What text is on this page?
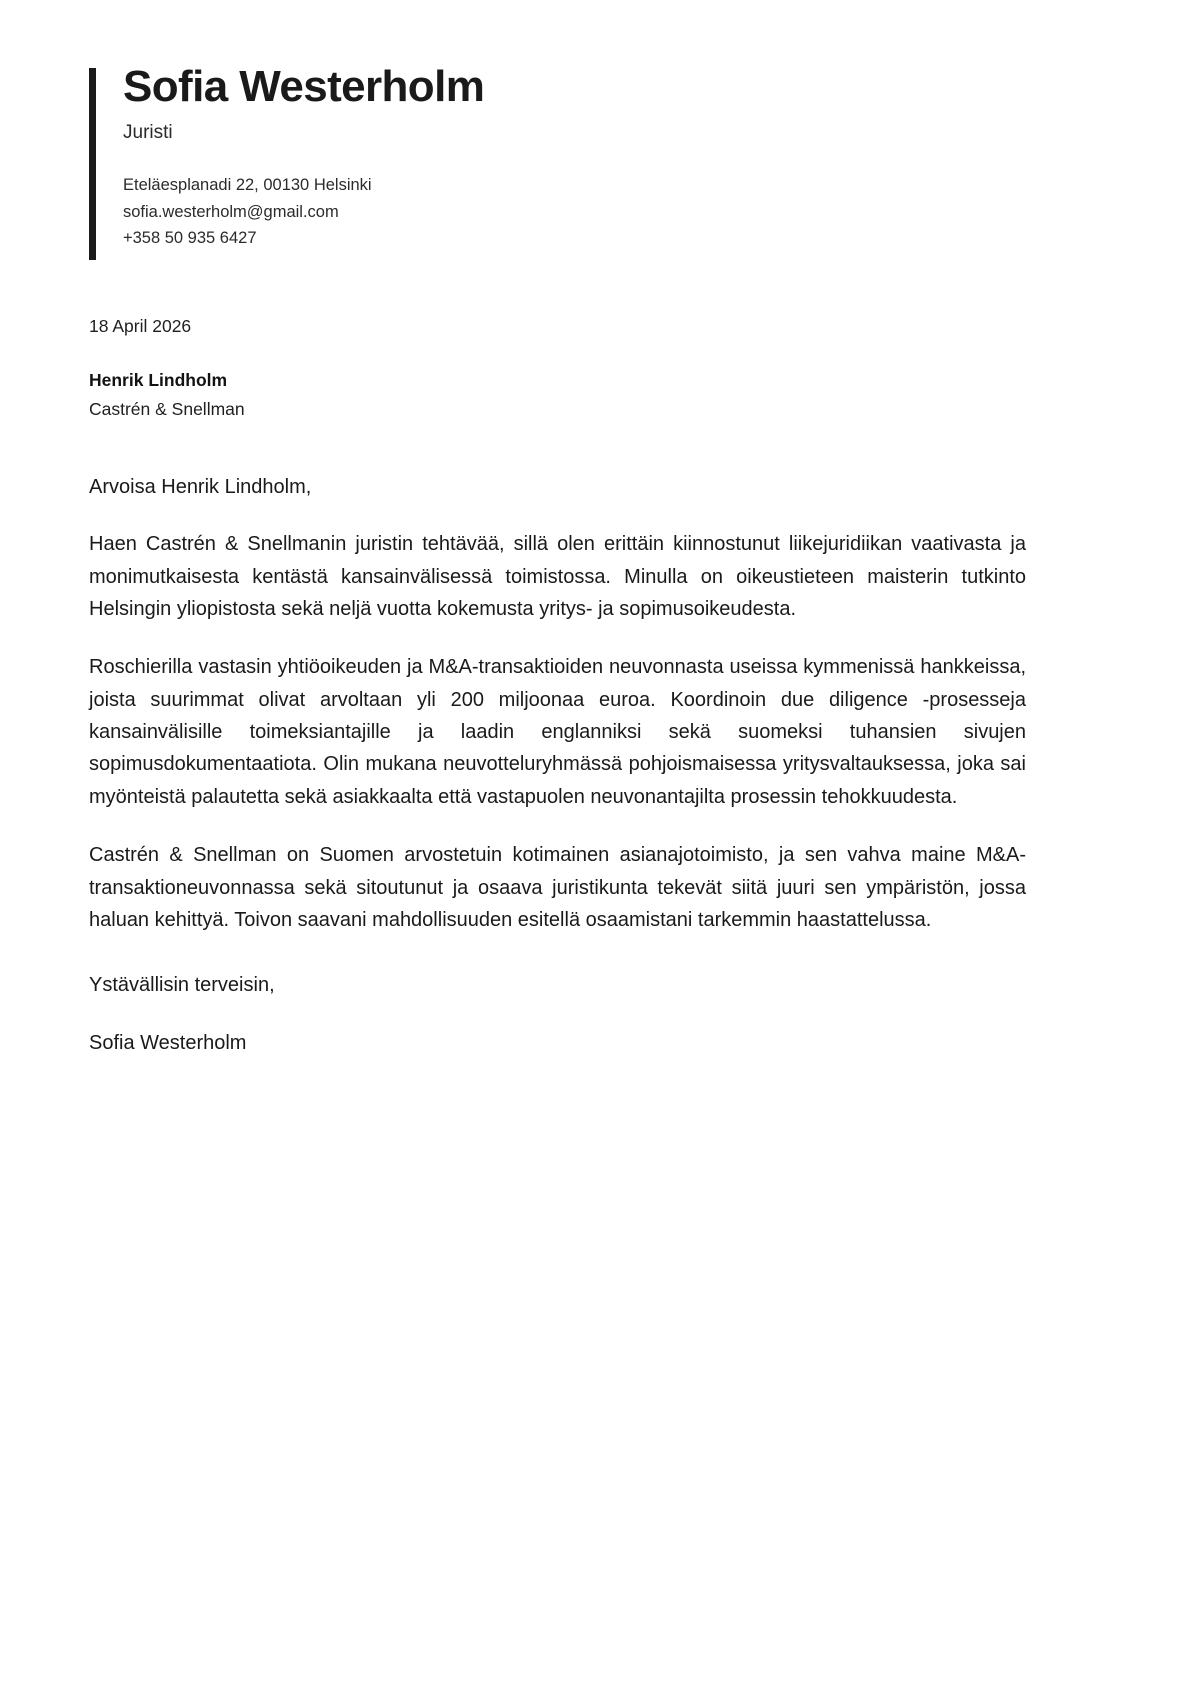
Sofia Westerholm
Juristi
Eteläesplanadi 22, 00130 Helsinki
sofia.westerholm@gmail.com
+358 50 935 6427
18 April 2026
Henrik Lindholm
Castrén & Snellman
Arvoisa Henrik Lindholm,

Haen Castrén & Snellmanin juristin tehtävää, sillä olen erittäin kiinnostunut liikejuridiikan vaativasta ja monimutkaisesta kentästä kansainvälisessä toimistossa. Minulla on oikeustieteen maisterin tutkinto Helsingin yliopistosta sekä neljä vuotta kokemusta yritys- ja sopimusoikeudesta.

Roschierilla vastasin yhtiöoikeuden ja M&A-transaktioiden neuvonnasta useissa kymmenissä hankkeissa, joista suurimmat olivat arvoltaan yli 200 miljoonaa euroa. Koordinoin due diligence -prosesseja kansainvälisille toimeksiantajille ja laadin englanniksi sekä suomeksi tuhansien sivujen sopimusdokumentaatiota. Olin mukana neuvotteluryhmässä pohjoismaisessa yritysvaltauksessa, joka sai myönteistä palautetta sekä asiakkaalta että vastapuolen neuvonantajilta prosessin tehokkuudesta.

Castrén & Snellman on Suomen arvostetuin kotimainen asianajotoimisto, ja sen vahva maine M&A-transaktioneuvonnassa sekä sitoutunut ja osaava juristikunta tekevät siitä juuri sen ympäristön, jossa haluan kehittyä. Toivon saavani mahdollisuuden esitellä osaamistani tarkemmin haastattelussa.

Ystävällisin terveisin,
Sofia Westerholm
